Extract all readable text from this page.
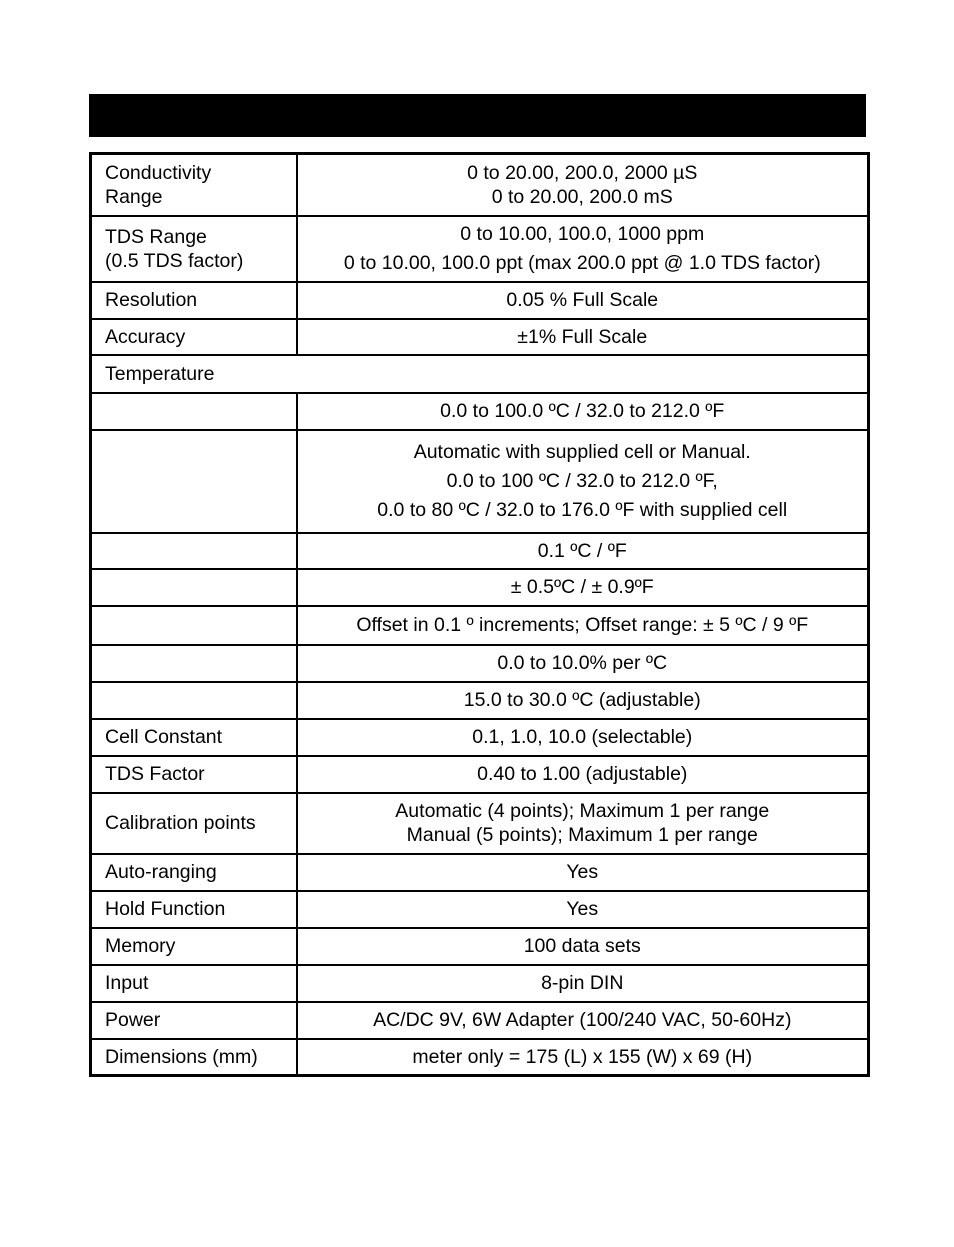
Conductivity
Range	0 to 20.00, 200.0, 2000 µS
0 to 20.00, 200.0 mS

TDS Range
(0.5 TDS factor)	0 to 10.00, 100.0, 1000 ppm
0 to 10.00, 100.0 ppt (max 200.0 ppt @ 1.0 TDS factor)

Resolution	0.05 % Full Scale
Accuracy	±1% Full Scale
Temperature	
	0.0 to 100.0 ºC / 32.0 to 212.0 ºF

	Automatic with supplied cell or Manual.
0.0 to 100 ºC / 32.0 to 212.0 ºF,
0.0 to 80 ºC / 32.0 to 176.0 ºF with supplied cell

	0.1 ºC / ºF
	± 0.5ºC / ± 0.9ºF
	Offset in 0.1 º increments; Offset range: ± 5 ºC / 9 ºF
	0.0 to 10.0% per ºC
	15.0 to 30.0 ºC (adjustable)
Cell Constant	0.1, 1.0, 10.0 (selectable)
TDS Factor	0.40 to 1.00 (adjustable)
Calibration points	Automatic (4 points); Maximum 1 per range
Manual (5 points); Maximum 1 per range

Auto-ranging	Yes
Hold Function	Yes
Memory	100 data sets
Input	8-pin DIN
Power	AC/DC 9V, 6W Adapter (100/240 VAC, 50-60Hz)
Dimensions (mm)	meter only = 175 (L) x 155 (W) x 69 (H)
